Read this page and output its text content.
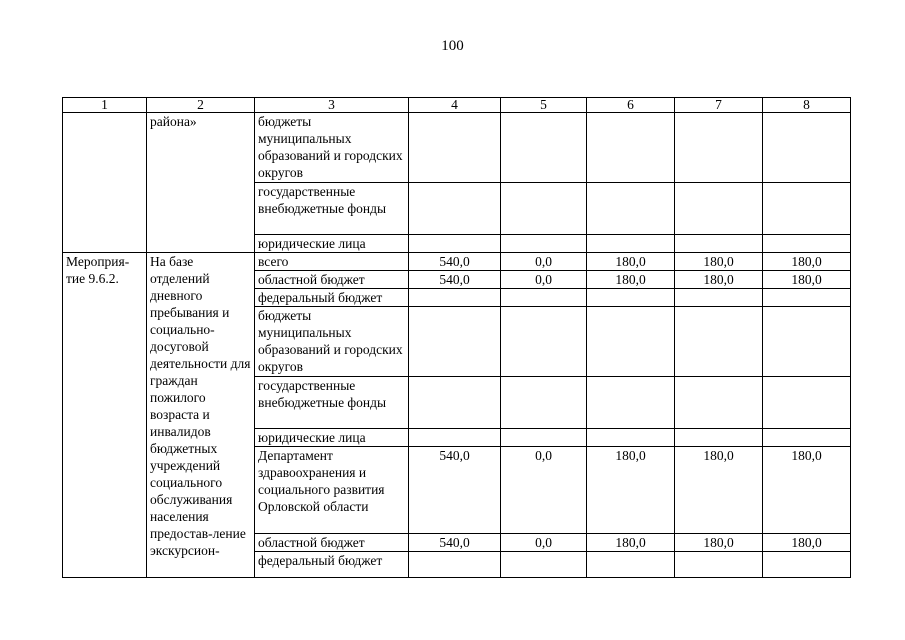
100
1	2	3	4	5	6	7	8
	района»	бюджеты муниципальных образований и городских округов					
		государственные внебюджетные фонды					
		юридические лица					
Мероприя-тие 9.6.2.	На базе отделений дневного пребывания и социально-досуговой деятельности для граждан пожилого возраста и инвалидов бюджетных учреждений социального обслуживания населения предостав-ление экскурсион-	всего	540,0	0,0	180,0	180,0	180,0
		областной бюджет	540,0	0,0	180,0	180,0	180,0
		федеральный бюджет					
		бюджеты муниципальных образований и городских округов					
		государственные внебюджетные фонды					
		юридические лица					
		Департамент здравоохранения и социального развития Орловской области	540,0	0,0	180,0	180,0	180,0
		областной бюджет	540,0	0,0	180,0	180,0	180,0
		федеральный бюджет					
